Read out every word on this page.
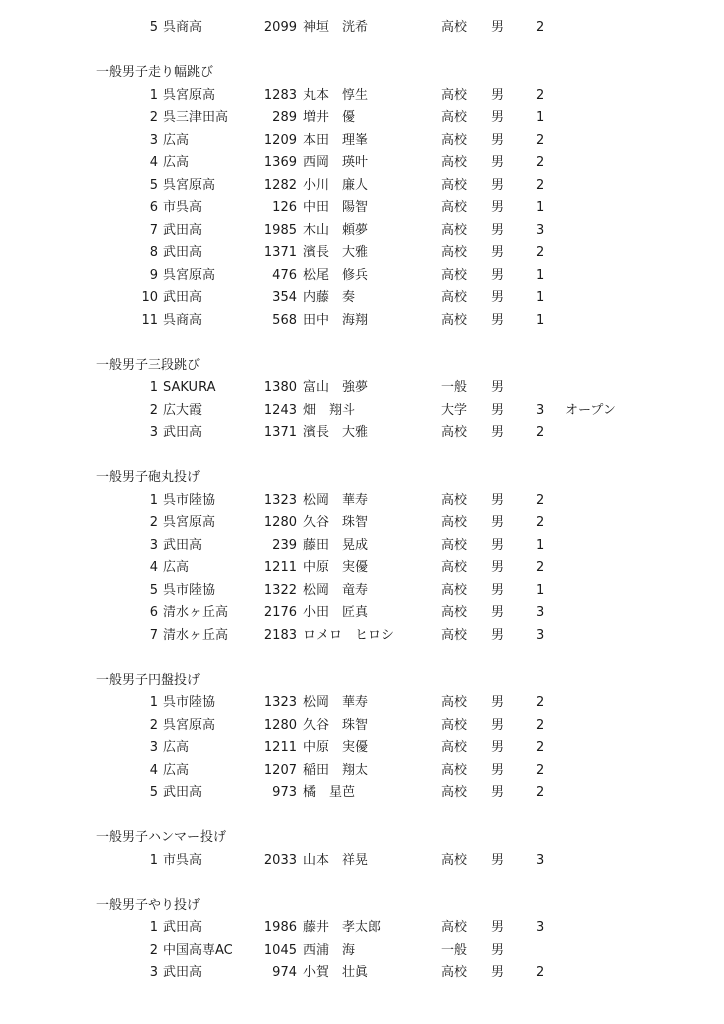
5 呉商高	2099 神垣　洸希	高校 男 2
一般男子走り幅跳び
1 呉宮原高	1283 丸本　惇生	高校 男 2
2 呉三津田高	289 増井　優	高校 男 1
3 広高	1209 本田　理峯	高校 男 2
4 広高	1369 西岡　瑛叶	高校 男 2
5 呉宮原高	1282 小川　廉人	高校 男 2
6 市呉高	126 中田　陽智	高校 男 1
7 武田高	1985 木山　頼夢	高校 男 3
8 武田高	1371 濱長　大雅	高校 男 2
9 呉宮原高	476 松尾　修兵	高校 男 1
10 武田高	354 内藤　奏	高校 男 1
11 呉商高	568 田中　海翔	高校 男 1
一般男子三段跳び
1 SAKURA	1380 富山　強夢	一般 男
2 広大霞	1243 畑　翔斗	大学 男 3 オープン
3 武田高	1371 濱長　大雅	高校 男 2
一般男子砲丸投げ
1 呉市陸協	1323 松岡　華寿	高校 男 2
2 呉宮原高	1280 久谷　珠智	高校 男 2
3 武田高	239 藤田　晃成	高校 男 1
4 広高	1211 中原　実優	高校 男 2
5 呉市陸協	1322 松岡　竜寿	高校 男 1
6 清水ヶ丘高	2176 小田　匠真	高校 男 3
7 清水ヶ丘高	2183 ロメロ　ヒロシ	高校 男 3
一般男子円盤投げ
1 呉市陸協	1323 松岡　華寿	高校 男 2
2 呉宮原高	1280 久谷　珠智	高校 男 2
3 広高	1211 中原　実優	高校 男 2
4 広高	1207 稲田　翔太	高校 男 2
5 武田高	973 橘　星芭	高校 男 2
一般男子ハンマー投げ
1 市呉高	2033 山本　祥晃	高校 男 3
一般男子やり投げ
1 武田高	1986 藤井　孝太郎	高校 男 3
2 中国高専AC	1045 西浦　海	一般 男
3 武田高	974 小賀　壮眞	高校 男 2
